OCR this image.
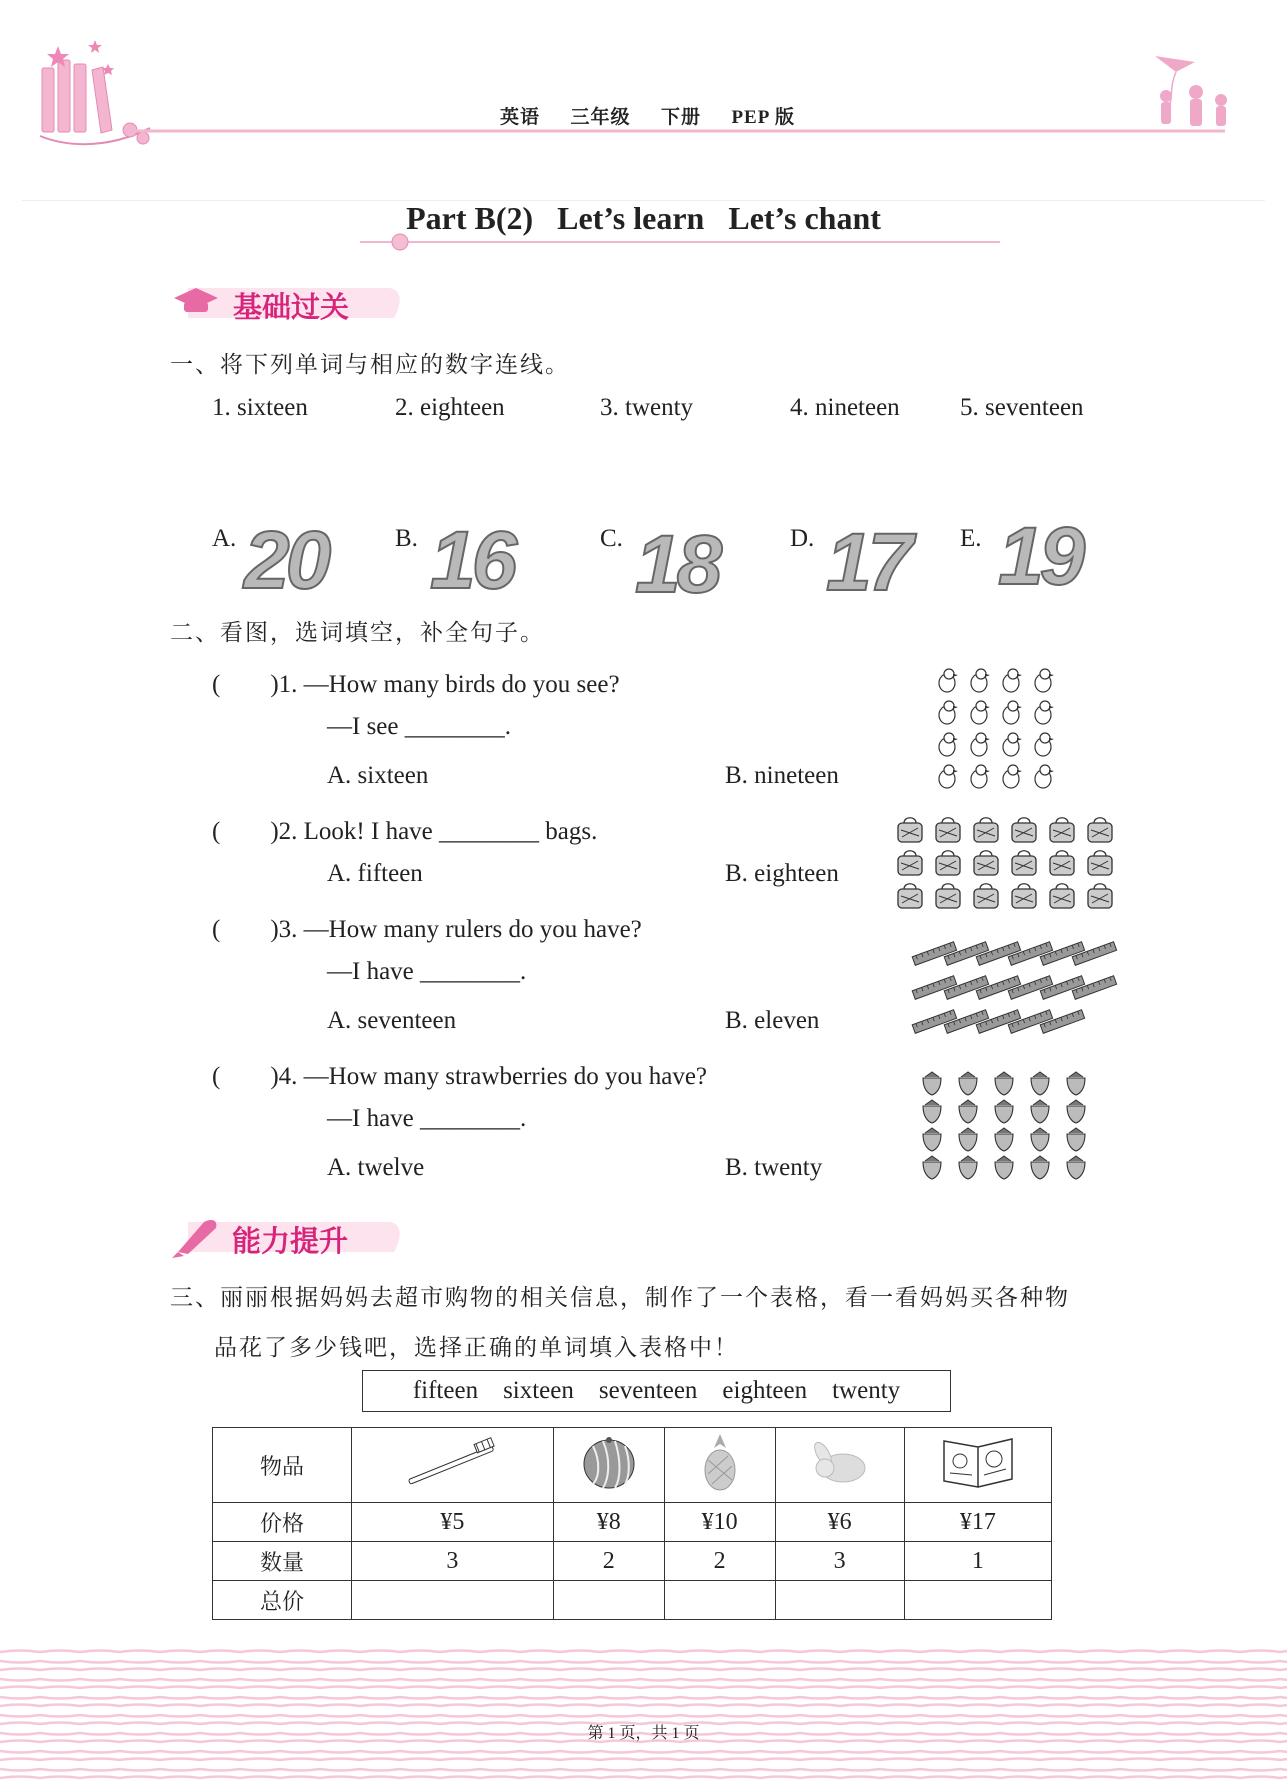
英语 三年级 下册 PEP 版
Part B(2)   Let’s learn   Let’s chant
基础过关
一、将下列单词与相应的数字连线。
1. sixteen	2. eighteen	3. twenty	4. nineteen 5. seventeen
A. 20	B. 16	C. 18	D. 17 E. 19
二、看图，选词填空，补全句子。
(　　)1. —How many birds do you see?
—I see ________.
A. sixteen	B. nineteen
(　　)2. Look! I have ________ bags.
A. fifteen	B. eighteen
(　　)3. —How many rulers do you have?
—I have ________.
A. seventeen	B. eleven
(　　)4. —How many strawberries do you have?
—I have ________.
A. twelve	B. twenty
能力提升
三、丽丽根据妈妈去超市购物的相关信息，制作了一个表格，看一看妈妈买各种物
品花了多少钱吧，选择正确的单词填入表格中！
fifteen    sixteen    seventeen    eighteen    twenty
物品					
价格	¥5	¥8	¥10	¥6	¥17
数量	3	2	2	3	1
总价					
第 1 页，共 1 页
